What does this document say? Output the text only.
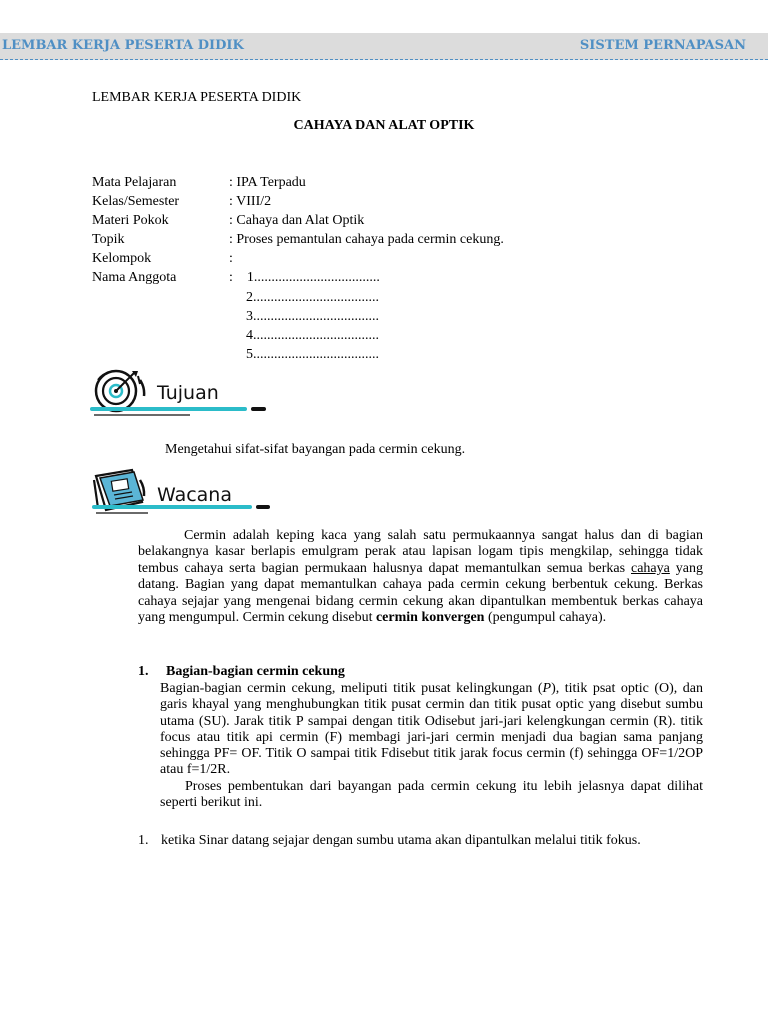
LEMBAR KERJA PESERTA DIDIK	SISTEM PERNAPASAN
LEMBAR KERJA PESERTA DIDIK
CAHAYA DAN ALAT OPTIK
Mata Pelajaran	: IPA Terpadu
Kelas/Semester	: VIII/2
Materi Pokok	: Cahaya dan Alat Optik
Topik	: Proses pemantulan cahaya pada cermin cekung.
Kelompok	:
Nama Anggota	:    1....................................
2....................................
3....................................
4....................................
5....................................
Tujuan
Mengetahui sifat-sifat bayangan pada cermin cekung.
Wacana

Cermin adalah keping kaca yang salah satu permukaannya sangat halus dan di bagian belakangnya kasar berlapis emulgram perak atau lapisan logam tipis mengkilap, sehingga tidak tembus cahaya serta bagian permukaan halusnya dapat memantulkan semua berkas cahaya yang datang. Bagian yang dapat memantulkan cahaya pada cermin cekung berbentuk cekung. Berkas cahaya sejajar yang mengenai bidang cermin cekung akan dipantulkan membentuk berkas cahaya yang mengumpul. Cermin cekung disebut cermin konvergen (pengumpul cahaya).

1. Bagian-bagian cermin cekung

Bagian-bagian cermin cekung, meliputi titik pusat kelingkungan (P), titik psat optic (O), dan garis khayal yang menghubungkan titik pusat cermin dan titik pusat optic yang disebut sumbu utama (SU). Jarak titik P sampai dengan titik Odisebut jari-jari kelengkungan cermin (R). titik focus atau titik api cermin (F) membagi jari-jari cermin menjadi dua bagian sama panjang sehingga PF= OF. Titik O sampai titik Fdisebut titik jarak focus cermin (f) sehingga OF=1/2OP atau f=1/2R.

Proses pembentukan dari bayangan pada cermin cekung itu lebih jelasnya dapat dilihat seperti berikut ini.

1. ketika Sinar datang sejajar dengan sumbu utama akan dipantulkan melalui titik fokus.
